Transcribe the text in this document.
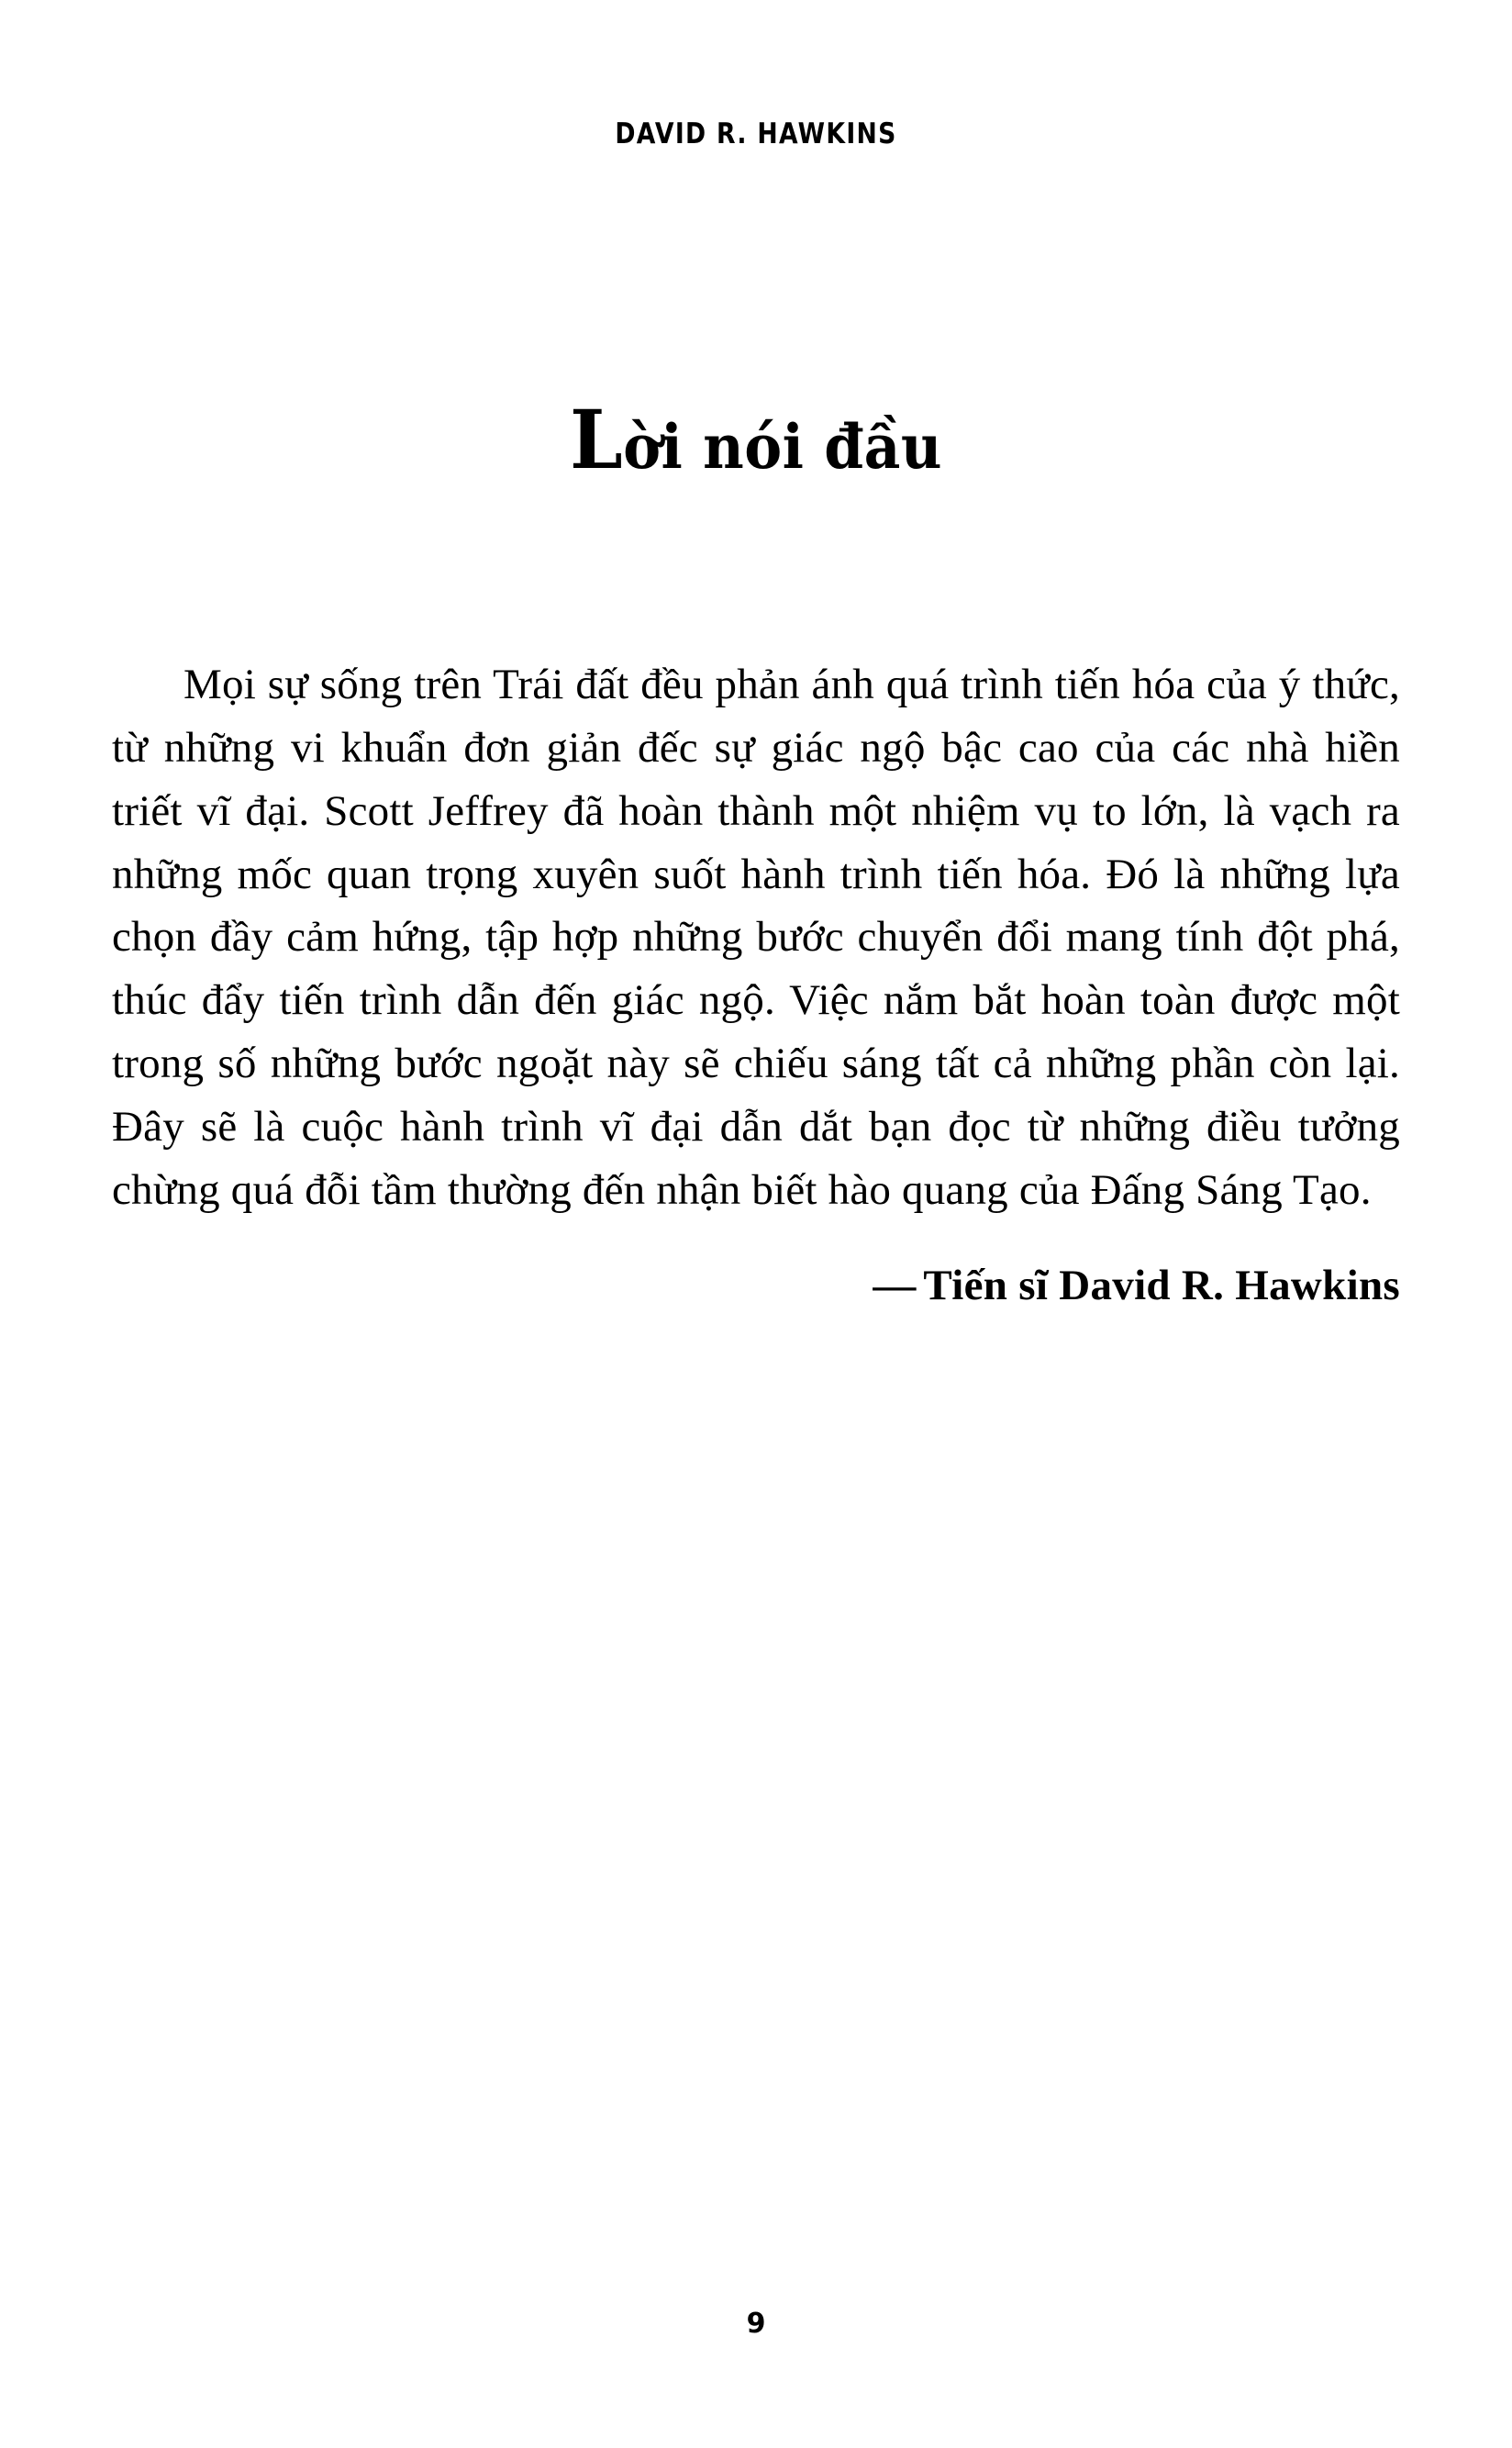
DAVID R. HAWKINS
Lời nói đầu

Mọi sự sống trên Trái đất đều phản ánh quá trình tiến hóa của ý thức, từ những vi khuẩn đơn giản đếc sự giác ngộ bậc cao của các nhà hiền triết vĩ đại. Scott Jeffrey đã hoàn thành một nhiệm vụ to lớn, là vạch ra những mốc quan trọng xuyên suốt hành trình tiến hóa. Đó là những lựa chọn đầy cảm hứng, tập hợp những bước chuyển đổi mang tính đột phá, thúc đẩy tiến trình dẫn đến giác ngộ. Việc nắm bắt hoàn toàn được một trong số những bước ngoặt này sẽ chiếu sáng tất cả những phần còn lại. Đây sẽ là cuộc hành trình vĩ đại dẫn dắt bạn đọc từ những điều tưởng chừng quá đỗi tầm thường đến nhận biết hào quang của Đấng Sáng Tạo.

— Tiến sĩ David R. Hawkins
9
